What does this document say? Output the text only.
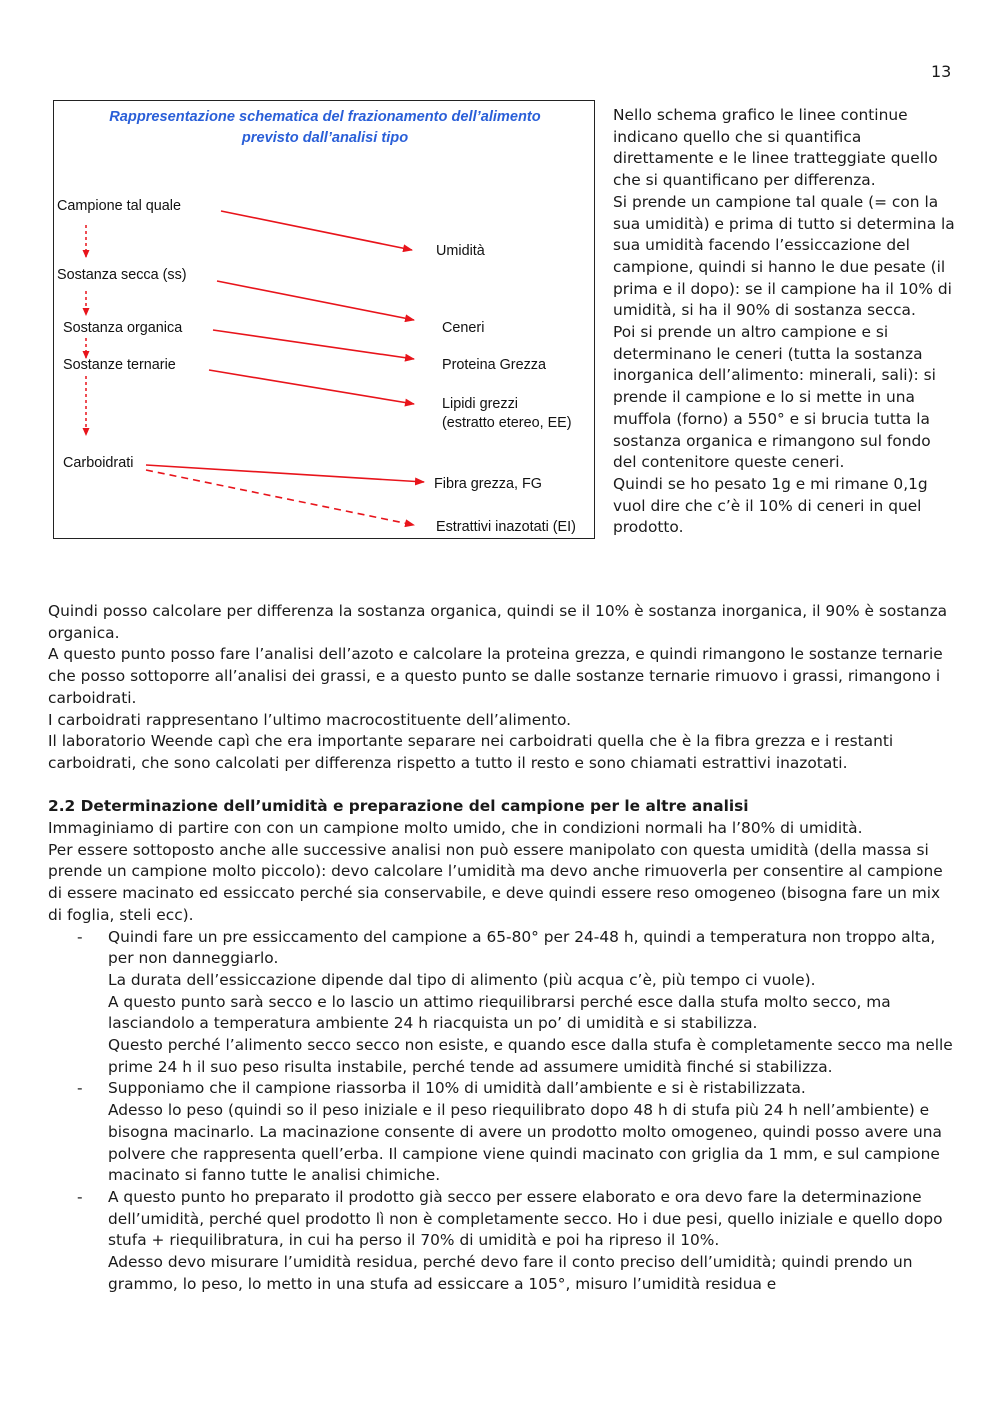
13
Rappresentazione schematica del frazionamento dell’alimento
previsto dall’analisi tipo
Campione tal quale
Sostanza secca (ss)
Sostanza organica
Sostanze ternarie
Carboidrati
Umidità
Ceneri
Proteina Grezza
Lipidi grezzi
(estratto etereo, EE)
Fibra grezza, FG
Estrattivi inazotati (EI)

Nello schema grafico le linee continue indicano quello che si quantifica direttamente e le linee tratteggiate quello che si quantificano per differenza.

Si prende un campione tal quale (= con la sua umidità) e prima di tutto si determina la sua umidità facendo l’essiccazione del campione, quindi si hanno le due pesate (il prima e il dopo): se il campione ha il 10% di umidità, si ha il 90% di sostanza secca.

Poi si prende un altro campione e si determinano le ceneri (tutta la sostanza inorganica dell’alimento: minerali, sali): si prende il campione e lo si mette in una muffola (forno) a 550° e si brucia tutta la sostanza organica e rimangono sul fondo del contenitore queste ceneri.

Quindi se ho pesato 1g e mi rimane 0,1g vuol dire che c’è il 10% di ceneri in quel prodotto.

Quindi posso calcolare per differenza la sostanza organica, quindi se il 10% è sostanza inorganica, il 90% è sostanza organica.

A questo punto posso fare l’analisi dell’azoto e calcolare la proteina grezza, e quindi rimangono le sostanze ternarie che posso sottoporre all’analisi dei grassi, e a questo punto se dalle sostanze ternarie rimuovo i grassi, rimangono i carboidrati.

I carboidrati rappresentano l’ultimo macrocostituente dell’alimento.

Il laboratorio Weende capì che era importante separare nei carboidrati quella che è la fibra grezza e i restanti carboidrati, che sono calcolati per differenza rispetto a tutto il resto e sono chiamati estrattivi inazotati.

2.2 Determinazione dell’umidità e preparazione del campione per le altre analisi

Immaginiamo di partire con con un campione molto umido, che in condizioni normali ha l’80% di umidità.

Per essere sottoposto anche alle successive analisi non può essere manipolato con questa umidità (della massa si prende un campione molto piccolo): devo calcolare l’umidità ma devo anche rimuoverla per consentire al campione di essere macinato ed essiccato perché sia conservabile, e deve quindi essere reso omogeneo (bisogna fare un mix di foglia, steli ecc).

- Quindi fare un pre essiccamento del campione a 65-80° per 24-48 h, quindi a temperatura non troppo alta, per non danneggiarlo.

La durata dell’essiccazione dipende dal tipo di alimento (più acqua c’è, più tempo ci vuole).

A questo punto sarà secco e lo lascio un attimo riequilibrarsi perché esce dalla stufa molto secco, ma lasciandolo a temperatura ambiente 24 h riacquista un po’ di umidità e si stabilizza.

Questo perché l’alimento secco secco non esiste, e quando esce dalla stufa è completamente secco ma nelle prime 24 h il suo peso risulta instabile, perché tende ad assumere umidità finché si stabilizza.

- Supponiamo che il campione riassorba il 10% di umidità dall’ambiente e si è ristabilizzata.

Adesso lo peso (quindi so il peso iniziale e il peso riequilibrato dopo 48 h di stufa più 24 h nell’ambiente) e bisogna macinarlo. La macinazione consente di avere un prodotto molto omogeneo, quindi posso avere una polvere che rappresenta quell’erba. Il campione viene quindi macinato con griglia da 1 mm, e sul campione macinato si fanno tutte le analisi chimiche.

- A questo punto ho preparato il prodotto già secco per essere elaborato e ora devo fare la determinazione dell’umidità, perché quel prodotto lì non è completamente secco. Ho i due pesi, quello iniziale e quello dopo stufa + riequilibratura, in cui ha perso il 70% di umidità e poi ha ripreso il 10%.

Adesso devo misurare l’umidità residua, perché devo fare il conto preciso dell’umidità; quindi prendo un grammo, lo peso, lo metto in una stufa ad essiccare a 105°, misuro l’umidità residua e
